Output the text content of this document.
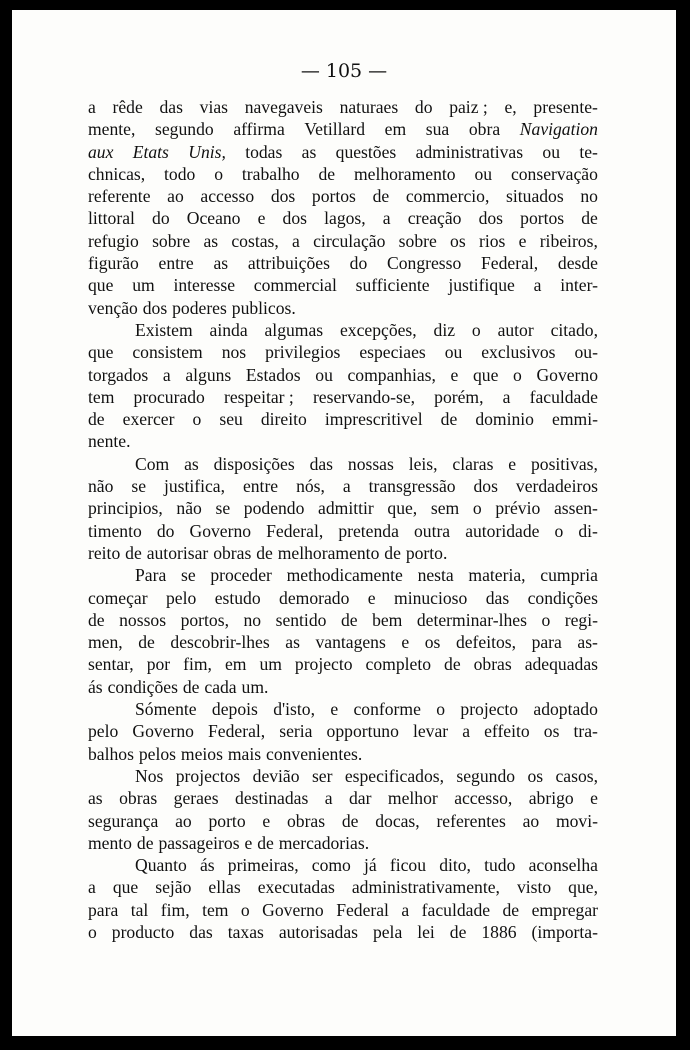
— 105 —
a rêde das vias navegaveis naturaes do paiz ; e, presente-
mente, segundo affirma Vetillard em sua obra Navigation
aux Etats Unis, todas as questões administrativas ou te-
chnicas, todo o trabalho de melhoramento ou conservação
referente ao accesso dos portos de commercio, situados no
littoral do Oceano e dos lagos, a creação dos portos de
refugio sobre as costas, a circulação sobre os rios e ribeiros,
figurão entre as attribuições do Congresso Federal, desde
que um interesse commercial sufficiente justifique a inter-
venção dos poderes publicos.
Existem ainda algumas excepções, diz o autor citado,
que consistem nos privilegios especiaes ou exclusivos ou-
torgados a alguns Estados ou companhias, e que o Governo
tem procurado respeitar ; reservando-se, porém, a faculdade
de exercer o seu direito imprescritivel de dominio emmi-
nente.
Com as disposições das nossas leis, claras e positivas,
não se justifica, entre nós, a transgressão dos verdadeiros
principios, não se podendo admittir que, sem o prévio assen-
timento do Governo Federal, pretenda outra autoridade o di-
reito de autorisar obras de melhoramento de porto.
Para se proceder methodicamente nesta materia, cumpria
começar pelo estudo demorado e minucioso das condições
de nossos portos, no sentido de bem determinar-lhes o regi-
men, de descobrir-lhes as vantagens e os defeitos, para as-
sentar, por fim, em um projecto completo de obras adequadas
ás condições de cada um.
Sómente depois d'isto, e conforme o projecto adoptado
pelo Governo Federal, seria opportuno levar a effeito os tra-
balhos pelos meios mais convenientes.
Nos projectos devião ser especificados, segundo os casos,
as obras geraes destinadas a dar melhor accesso, abrigo e
segurança ao porto e obras de docas, referentes ao movi-
mento de passageiros e de mercadorias.
Quanto ás primeiras, como já ficou dito, tudo aconselha
a que sejão ellas executadas administrativamente, visto que,
para tal fim, tem o Governo Federal a faculdade de empregar
o producto das taxas autorisadas pela lei de 1886 (importa-
